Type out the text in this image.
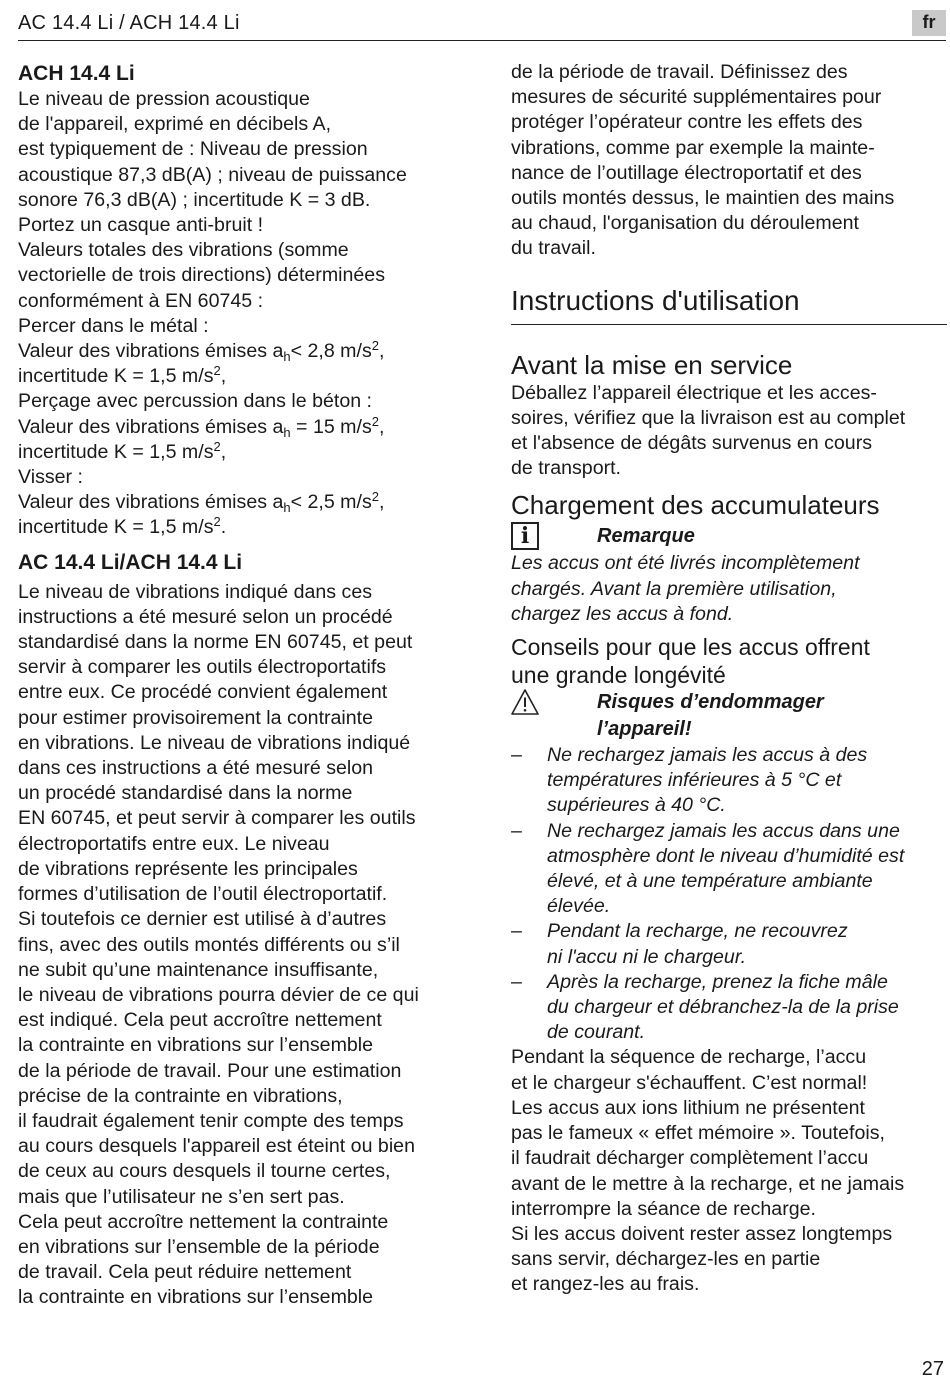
AC 14.4 Li / ACH 14.4 Li	fr
ACH 14.4 Li
Le niveau de pression acoustique
de l'appareil, exprimé en décibels A,
est typiquement de : Niveau de pression
acoustique 87,3 dB(A) ; niveau de puissance
sonore 76,3 dB(A) ; incertitude K = 3 dB.
Portez un casque anti-bruit !
Valeurs totales des vibrations (somme
vectorielle de trois directions) déterminées
conformément à EN 60745 :
Percer dans le métal :
Valeur des vibrations émises $a_h< 2,8$ $m/s^2$,
incertitude K = 1,5 $m/s^2$,
Perçage avec percussion dans le béton :
Valeur des vibrations émises $a_h = 15$ $m/s^2$,
incertitude K = 1,5 $m/s^2$,
Visser :
Valeur des vibrations émises $a_h< 2,5$ $m/s^2$,
incertitude K = 1,5 $m/s^2$.
AC 14.4 Li/ACH 14.4 Li
Le niveau de vibrations indiqué dans ces
instructions a été mesuré selon un procédé
standardisé dans la norme EN 60745, et peut
servir à comparer les outils électroportatifs
entre eux. Ce procédé convient également
pour estimer provisoirement la contrainte
en vibrations. Le niveau de vibrations indiqué
dans ces instructions a été mesuré selon
un procédé standardisé dans la norme
EN 60745, et peut servir à comparer les outils
électroportatifs entre eux. Le niveau
de vibrations représente les principales
formes d’utilisation de l’outil électroportatif.
Si toutefois ce dernier est utilisé à d’autres
fins, avec des outils montés différents ou s’il
ne subit qu’une maintenance insuffisante,
le niveau de vibrations pourra dévier de ce qui
est indiqué. Cela peut accroître nettement
la contrainte en vibrations sur l’ensemble
de la période de travail. Pour une estimation
précise de la contrainte en vibrations,
il faudrait également tenir compte des temps
au cours desquels l'appareil est éteint ou bien
de ceux au cours desquels il tourne certes,
mais que l’utilisateur ne s’en sert pas.
Cela peut accroître nettement la contrainte
en vibrations sur l’ensemble de la période
de travail. Cela peut réduire nettement
la contrainte en vibrations sur l’ensemble
de la période de travail. Définissez des
mesures de sécurité supplémentaires pour
protéger l’opérateur contre les effets des
vibrations, comme par exemple la mainte-
nance de l’outillage électroportatif et des
outils montés dessus, le maintien des mains
au chaud, l'organisation du déroulement
du travail.
Instructions d'utilisation
Avant la mise en service
Déballez l’appareil électrique et les acces-
soires, vérifiez que la livraison est au complet
et l'absence de dégâts survenus en cours
de transport.
Chargement des accumulateurs
i	Remarque
Les accus ont été livrés incomplètement
chargés. Avant la première utilisation,
chargez les accus à fond.
Conseils pour que les accus offrent
une grande longévité
Risques d’endommager
l’appareil!
– Ne rechargez jamais les accus à des
températures inférieures à 5 °C et
supérieures à 40 °C.
– Ne rechargez jamais les accus dans une
atmosphère dont le niveau d’humidité est
élevé, et à une température ambiante
élevée.
– Pendant la recharge, ne recouvrez
ni l'accu ni le chargeur.
– Après la recharge, prenez la fiche mâle
du chargeur et débranchez-la de la prise
de courant.
Pendant la séquence de recharge, l’accu
et le chargeur s'échauffent. C’est normal!
Les accus aux ions lithium ne présentent
pas le fameux « effet mémoire ». Toutefois,
il faudrait décharger complètement l’accu
avant de le mettre à la recharge, et ne jamais
interrompre la séance de recharge.
Si les accus doivent rester assez longtemps
sans servir, déchargez-les en partie
et rangez-les au frais.
27
